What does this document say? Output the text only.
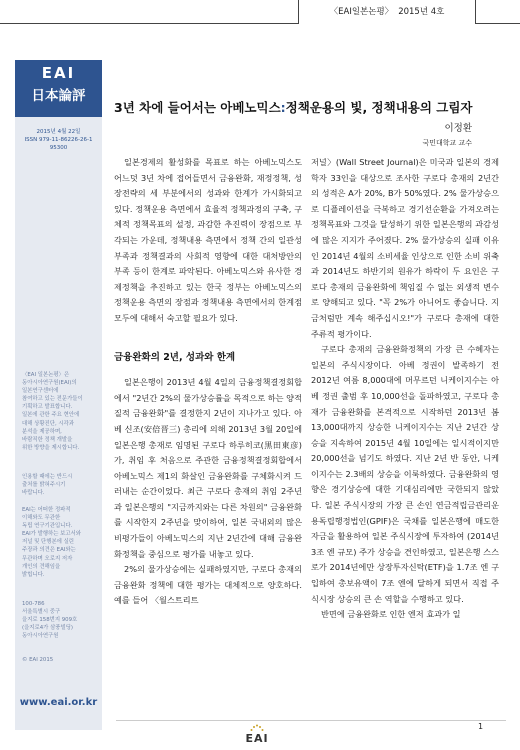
〈EAI일본논평〉 2015년 4호
EAI
日本論評
2015년 4월 22일
ISSN 979-11-86226-26-1
95300
〈EAI 일본논평〉은
동아시아연구원(EAI)의
일본연구센터에
참여하고 있는 전문가들이
기획하고 발표합니다.
일본에 관한 주요 현안에
대해 상황진단, 시각과
분석을 제공하며,
바람직한 정책 개발을
위한 방향을 제시합니다.
인용할 때에는 반드시
출처를 밝혀주시기
바랍니다.
EAI는 어떠한 정파적
이해와도 무관한
독립 연구기관입니다.
EAI가 발행하는 보고서와
저널 및 단행본에 실린
주장과 의견은 EAI와는
무관하며 오로지 저자
개인의 견해임을
밝힙니다.
100-786
서울특별시 중구
을지로 158번지 909호
(을지로4가 삼풍빌딩)
동아시아연구원
© EAI 2015
www.eai.or.kr
3년 차에 들어서는 아베노믹스:정책운용의 빛, 정책내용의 그림자
이정환
국민대학교 교수

일본경제의 활성화를 목표로 하는 아베노믹스도 어느덧 3년 차에 접어들면서 금융완화, 재정정책, 성장전략의 세 부분에서의 성과와 한계가 가시화되고 있다. 정책운용 측면에서 효율적 정책과정의 구축, 구체적 정책목표의 설정, 과감한 추진력이 장점으로 부각되는 가운데, 정책내용 측면에서 정책 간의 일관성 부족과 정책결과의 사회적 영향에 대한 대처방안의 부족 등이 한계로 파악된다. 아베노믹스와 유사한 경제정책을 추진하고 있는 한국 정부는 아베노믹스의 정책운용 측면의 장점과 정책내용 측면에서의 한계점 모두에 대해서 숙고할 필요가 있다.

금융완화의 2년, 성과와 한계

일본은행이 2013년 4월 4일의 금융정책결정회합에서 "2년간 2%의 물가상승률을 목적으로 하는 양적 질적 금융완화"를 결정한지 2년이 지나가고 있다. 아베 신조(安倍晋三) 총리에 의해 2013년 3월 20일에 일본은행 총재로 임명된 구로다 하루히코(黒田東彦)가, 취임 후 처음으로 주관한 금융정책결정회합에서 아베노믹스 제1의 화살인 금융완화를 구체화시켜 드러내는 순간이었다. 최근 구로다 총재의 취임 2주년과 일본은행의 "지금까지와는 다른 차원의" 금융완화를 시작한지 2주년을 맞이하여, 일본 국내외의 많은 비평가들이 아베노믹스의 지난 2년간에 대해 금융완화정책을 중심으로 평가를 내놓고 있다.

2%의 물가상승에는 실패하였지만, 구로다 총재의 금융완화 정책에 대한 평가는 대체적으로 양호하다. 예를 들어 〈월스트리트

저널〉(Wall Street Journal)은 미국과 일본의 경제학자 33인을 대상으로 조사한 구로다 총재의 2년간의 성적은 A가 20%, B가 50%였다. 2% 물가상승으로 디플레이션을 극복하고 경기선순환을 가져오려는 정책목표와 그것을 달성하기 위한 일본은행의 과감성에 많은 지지가 주어졌다. 2% 물가상승의 실패 이유인 2014년 4월의 소비세율 인상으로 인한 소비 위축과 2014년도 하반기의 원유가 하락이 두 요인은 구로다 총재의 금융완화에 책임질 수 없는 외생적 변수로 양해되고 있다. "꼭 2%가 아니어도 좋습니다. 지금처럼만 계속 해주십시오!"가 구로다 총재에 대한 주류적 평가이다.

구로다 총재의 금융완화정책의 가장 큰 수혜자는 일본의 주식시장이다. 아베 정권이 발족하기 전 2012년 여름 8,000대에 머무르던 니케이지수는 아베 정권 출범 후 10,000선을 돌파하였고, 구로다 총재가 금융완화를 본격적으로 시작하던 2013년 봄 13,000대까지 상승한 니케이지수는 지난 2년간 상승을 지속하여 2015년 4월 10일에는 일시적이지만 20,000선을 넘기도 하였다. 지난 2년 반 동안, 니케이지수는 2.3배의 상승을 이룩하였다. 금융완화의 영향은 경기상승에 대한 기대심리에만 국한되지 않았다. 일본 주식시장의 가장 큰 손인 연금적립금관리운용독립행정법인(GPIF)은 국채를 일본은행에 매도한 자금을 활용하여 일본 주식시장에 투자하여 (2014년 3조 엔 규모) 주가 상승을 견인하였고, 일본은행 스스로가 2014년에만 상장투자신탁(ETF)을 1.7조 엔 구입하여 총보유액이 7조 엔에 달하게 되면서 직접 주식시장 상승의 큰 손 역할을 수행하고 있다.

반면에 금융완화로 인한 엔저 효과가 일

EAI
1
